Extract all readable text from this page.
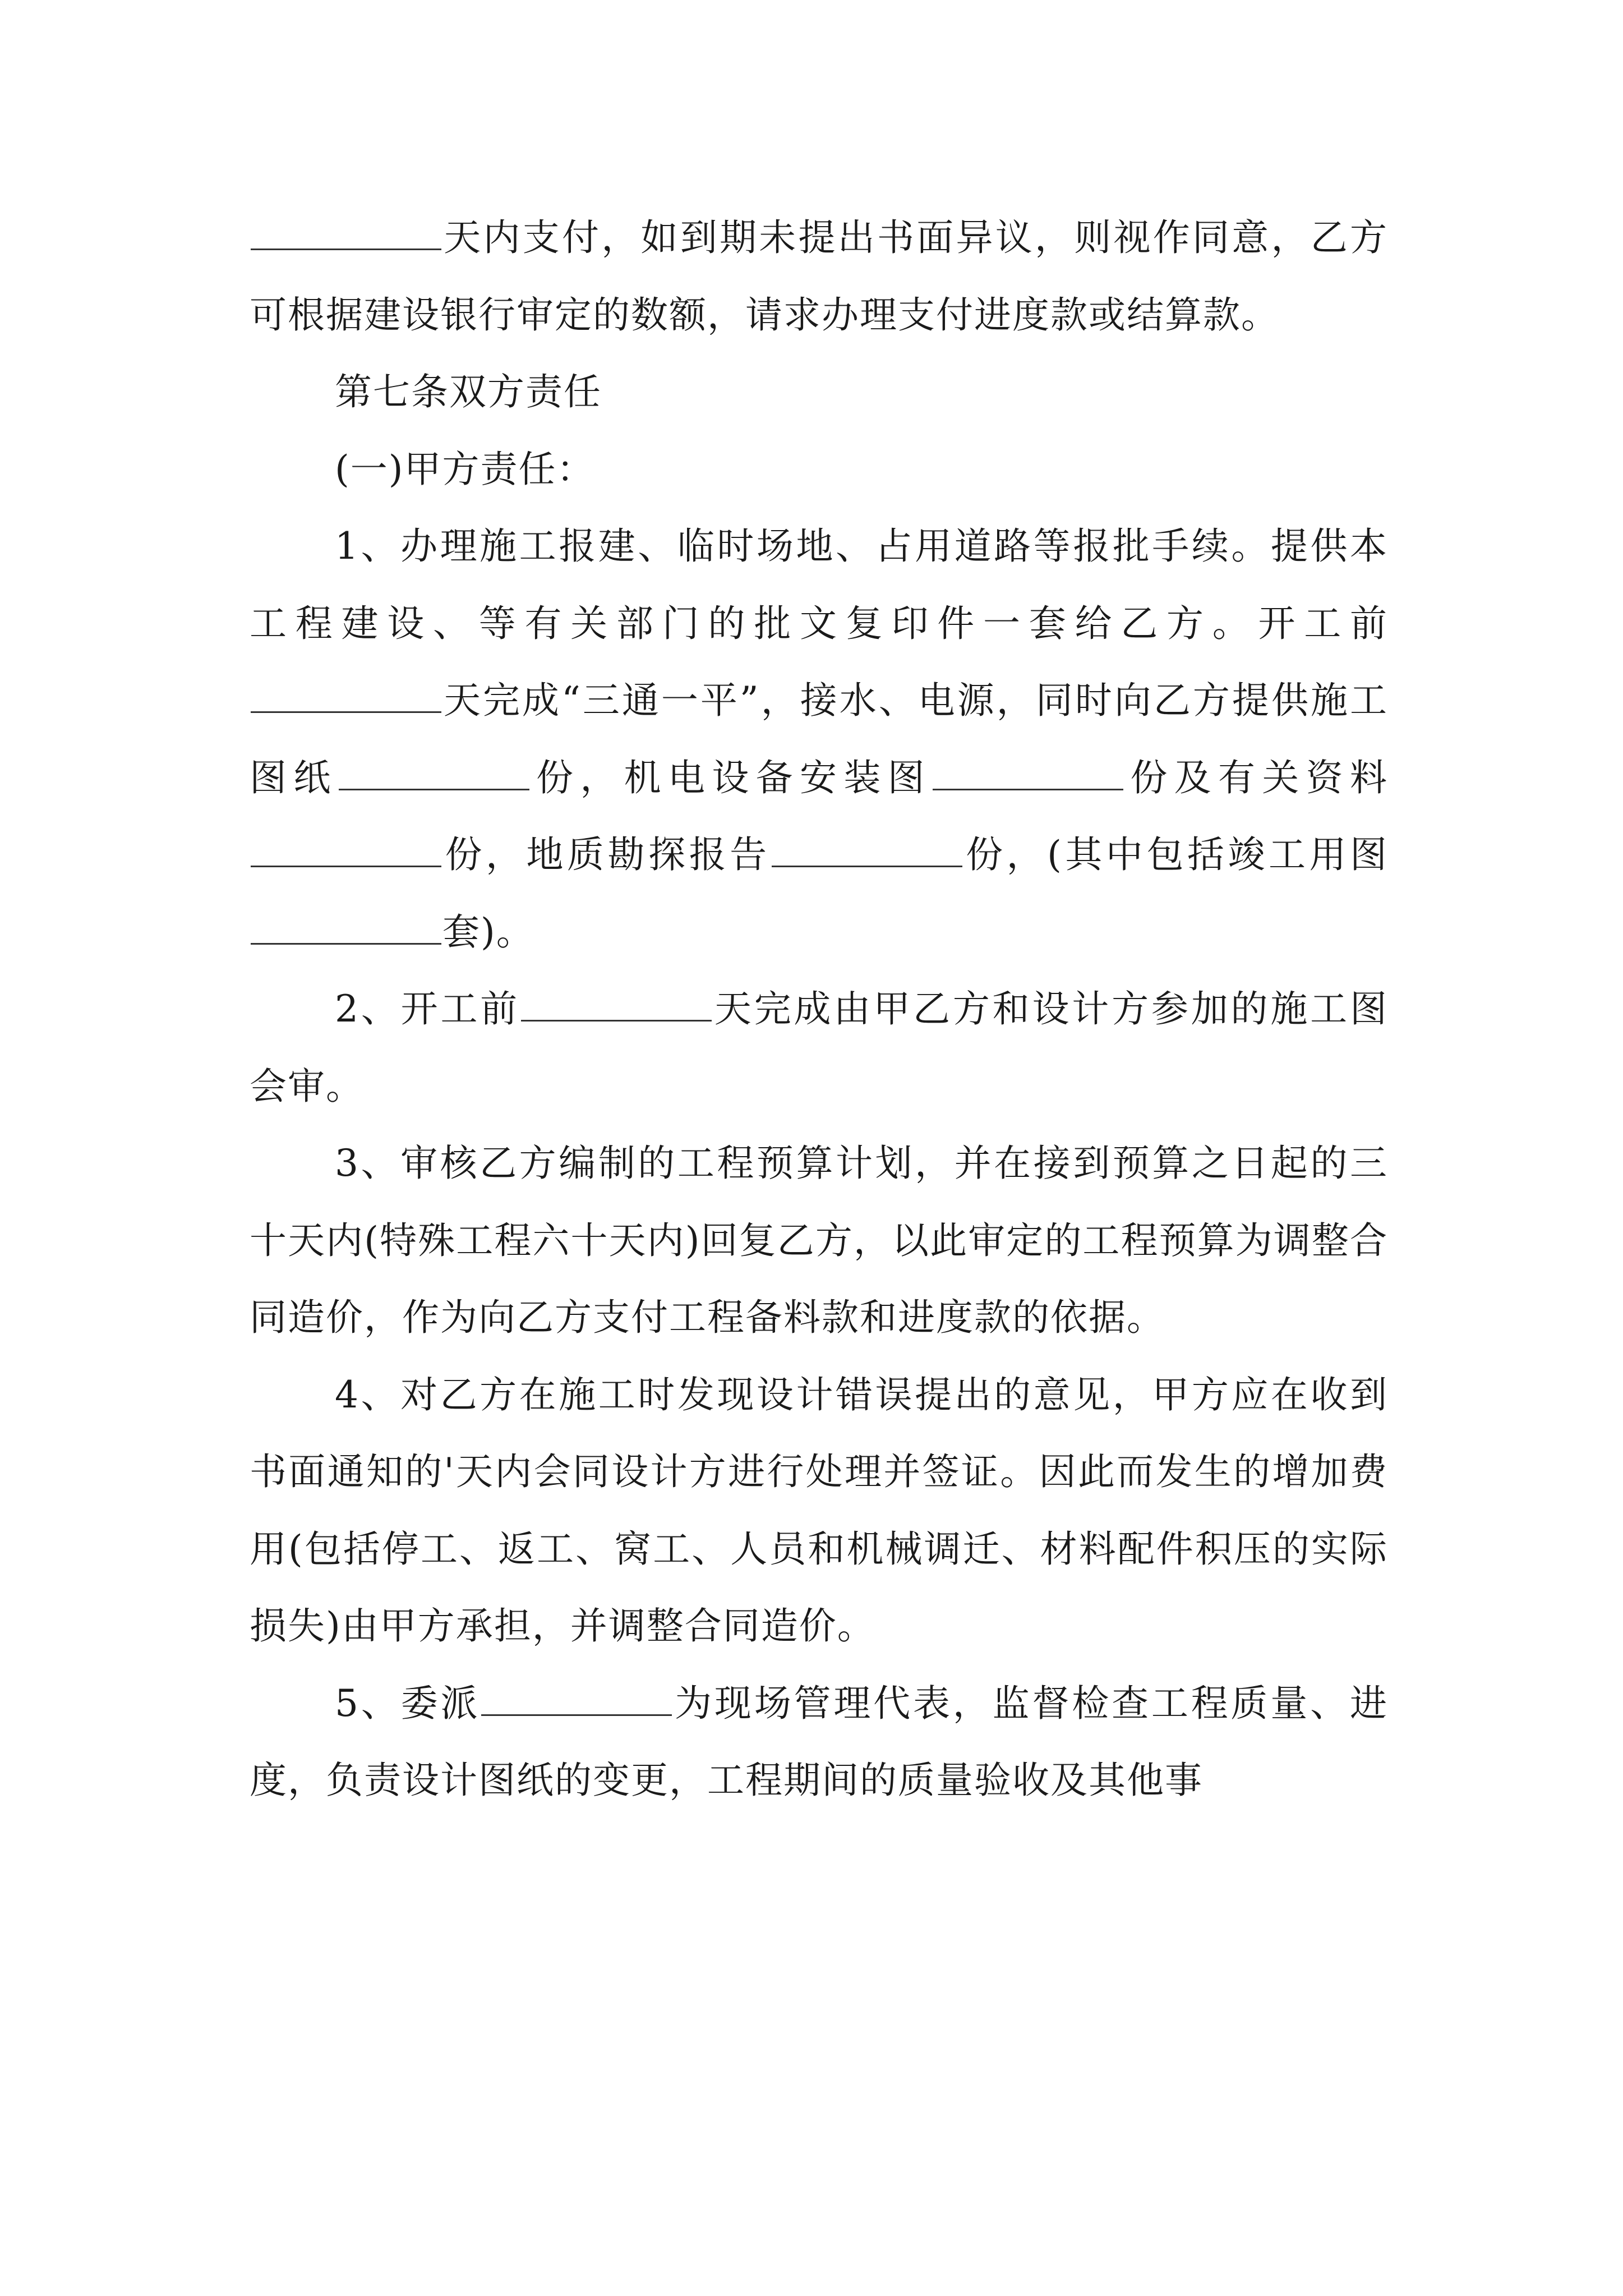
天内支付，如到期未提出书面异议，则视作同意，乙方可根据建设银行审定的数额，请求办理支付进度款或结算款。

第七条双方责任

(一)甲方责任：

1、办理施工报建、临时场地、占用道路等报批手续。提供本工程建设、等有关部门的批文复印件一套给乙方。开工前天完成“三通一平”，接水、电源，同时向乙方提供施工图纸	份，机电设备安装图	份及有关资料份，地质勘探报告	份，(其中包括竣工用图套)。

2、开工前	天完成由甲乙方和设计方参加的施工图会审。

3、审核乙方编制的工程预算计划，并在接到预算之日起的三十天内(特殊工程六十天内)回复乙方，以此审定的工程预算为调整合同造价，作为向乙方支付工程备料款和进度款的依据。

4、对乙方在施工时发现设计错误提出的意见，甲方应在收到书面通知的'天内会同设计方进行处理并签证。因此而发生的增加费用(包括停工、返工、窝工、人员和机械调迁、材料配件积压的实际损失)由甲方承担，并调整合同造价。

5、委派	为现场管理代表，监督检查工程质量、进度，负责设计图纸的变更，工程期间的质量验收及其他事
